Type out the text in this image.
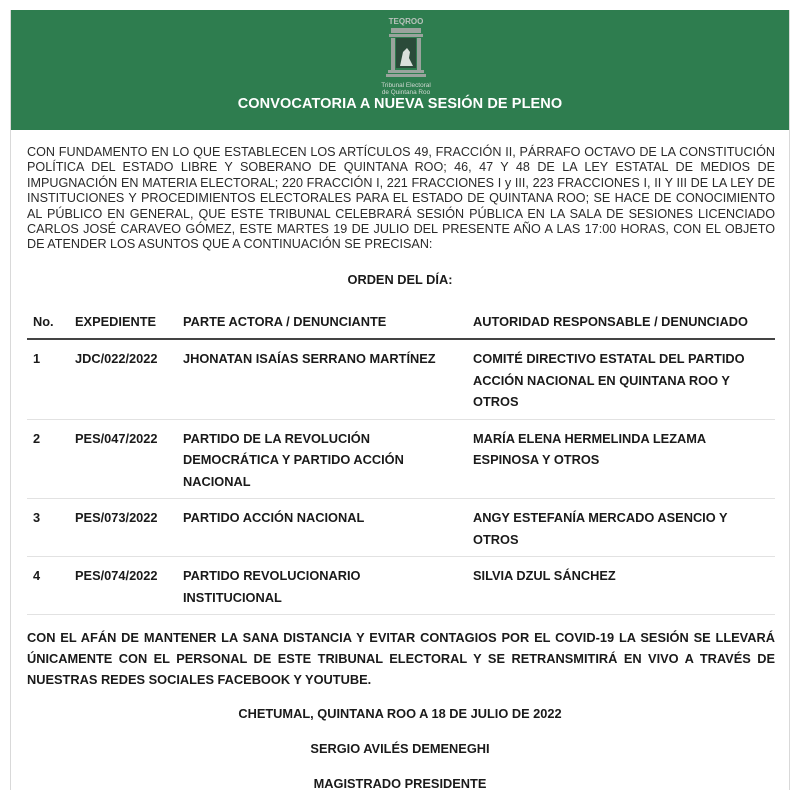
TEQROO
Tribunal Electoral
de Quintana Roo
CONVOCATORIA A NUEVA SESIÓN DE PLENO
CON FUNDAMENTO EN LO QUE ESTABLECEN LOS ARTÍCULOS 49, FRACCIÓN II, PÁRRAFO OCTAVO DE LA CONSTITUCIÓN POLÍTICA DEL ESTADO LIBRE Y SOBERANO DE QUINTANA ROO; 46, 47 Y 48 DE LA LEY ESTATAL DE MEDIOS DE IMPUGNACIÓN EN MATERIA ELECTORAL; 220 FRACCIÓN I, 221 FRACCIONES I y III, 223 FRACCIONES I, II Y III DE LA LEY DE INSTITUCIONES Y PROCEDIMIENTOS ELECTORALES PARA EL ESTADO DE QUINTANA ROO; SE HACE DE CONOCIMIENTO AL PÚBLICO EN GENERAL, QUE ESTE TRIBUNAL CELEBRARÁ SESIÓN PÚBLICA EN LA SALA DE SESIONES LICENCIADO CARLOS JOSÉ CARAVEO GÓMEZ, ESTE MARTES 19 DE JULIO DEL PRESENTE AÑO A LAS 17:00 HORAS, CON EL OBJETO DE ATENDER LOS ASUNTOS QUE A CONTINUACIÓN SE PRECISAN:
ORDEN DEL DÍA:
No.	EXPEDIENTE	PARTE ACTORA / DENUNCIANTE	AUTORIDAD RESPONSABLE / DENUNCIADO
1	JDC/022/2022	JHONATAN ISAÍAS SERRANO MARTÍNEZ	COMITÉ DIRECTIVO ESTATAL DEL PARTIDO ACCIÓN NACIONAL EN QUINTANA ROO Y OTROS
2	PES/047/2022	PARTIDO DE LA REVOLUCIÓN DEMOCRÁTICA Y PARTIDO ACCIÓN NACIONAL	MARÍA ELENA HERMELINDA LEZAMA ESPINOSA Y OTROS
3	PES/073/2022	PARTIDO ACCIÓN NACIONAL	ANGY ESTEFANÍA MERCADO ASENCIO Y OTROS
4	PES/074/2022	PARTIDO REVOLUCIONARIO INSTITUCIONAL	SILVIA DZUL SÁNCHEZ
CON EL AFÁN DE MANTENER LA SANA DISTANCIA Y EVITAR CONTAGIOS POR EL COVID-19 LA SESIÓN SE LLEVARÁ ÚNICAMENTE CON EL PERSONAL DE ESTE TRIBUNAL ELECTORAL Y SE RETRANSMITIRÁ EN VIVO A TRAVÉS DE NUESTRAS REDES SOCIALES FACEBOOK Y YOUTUBE.
CHETUMAL, QUINTANA ROO A 18 DE JULIO DE 2022
SERGIO AVILÉS DEMENEGHI
MAGISTRADO PRESIDENTE
